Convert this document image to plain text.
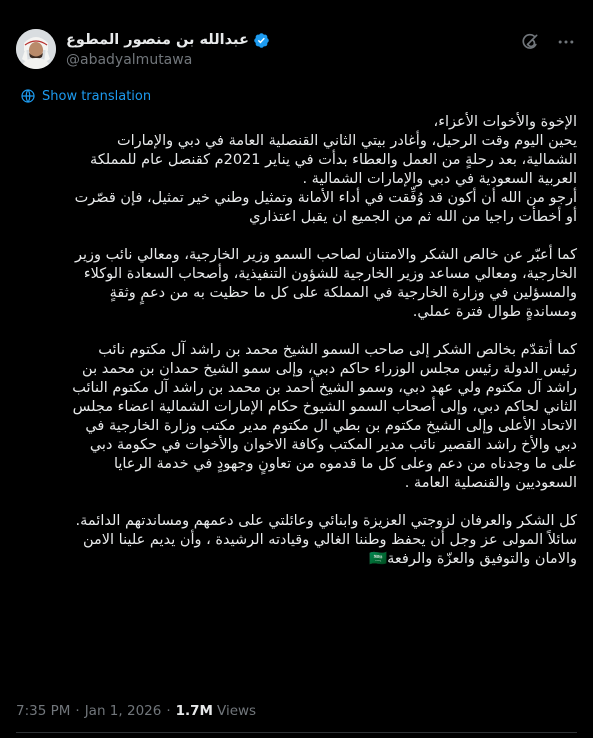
عبدالله بن منصور المطوع
@abadyalmutawa
Show translation

الإخوة والأخوات الأعزاء،
يحين اليوم وقت الرحيل، وأغادر بيتي الثاني القنصلية العامة في دبي والإمارات
الشمالية، بعد رحلةٍ من العمل والعطاء بدأت في يناير 2021م كقنصل عام للمملكة
العربية السعودية في دبي والإمارات الشمالية .
أرجو من الله أن أكون قد وُفِّقت في أداء الأمانة وتمثيل وطني خير تمثيل، فإن قصّرت
أو أخطأت راجيا من الله ثم من الجميع ان يقبل اعتذاري

كما أعبّر عن خالص الشكر والامتنان لصاحب السمو وزير الخارجية، ومعالي نائب وزير
الخارجية، ومعالي مساعد وزير الخارجية للشؤون التنفيذية، وأصحاب السعادة الوكلاء
والمسؤلين في وزارة الخارجية في المملكة على كل ما حظيت به من دعمٍ وثقةٍ
ومساندةٍ طوال فترة عملي.

كما أتقدّم بخالص الشكر إلى صاحب السمو الشيخ محمد بن راشد آل مكتوم نائب
رئيس الدولة رئيس مجلس الوزراء حاكم دبي، وإلى سمو الشيخ حمدان بن محمد بن
راشد آل مكتوم ولي عهد دبي، وسمو الشيخ أحمد بن محمد بن راشد آل مكتوم النائب
الثاني لحاكم دبي، وإلى أصحاب السمو الشيوخ حكام الإمارات الشمالية اعضاء مجلس
الاتحاد الأعلى وإلى الشيخ مكتوم بن بطي ال مكتوم مدير مكتب وزارة الخارجية في
دبي والأخ راشد القصير نائب مدير المكتب وكافة الاخوان والأخوات في حكومة دبي
على ما وجدناه من دعم وعلى كل ما قدموه من تعاونٍ وجهودٍ في خدمة الرعايا
السعوديين والقنصلية العامة .

كل الشكر والعرفان لزوجتي العزيزة وابنائي وعائلتي على دعمهم ومساندتهم الدائمة.
سائلاً المولى عز وجل أن يحفظ وطننا الغالي وقيادته الرشيدة ، وأن يديم علينا الامن
والامان والتوفيق والعزّة والرفعة🇸🇦

7:35 PM · Jan 1, 2026 · 1.7M Views
